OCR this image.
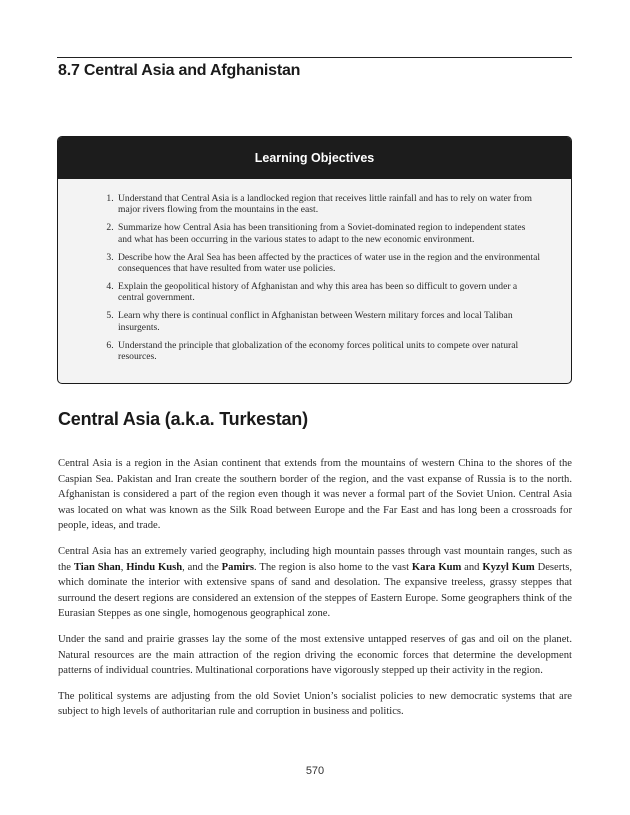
8.7 Central Asia and Afghanistan
Learning Objectives
1. Understand that Central Asia is a landlocked region that receives little rainfall and has to rely on water from major rivers flowing from the mountains in the east.
2. Summarize how Central Asia has been transitioning from a Soviet-dominated region to independent states and what has been occurring in the various states to adapt to the new economic environment.
3. Describe how the Aral Sea has been affected by the practices of water use in the region and the environmental consequences that have resulted from water use policies.
4. Explain the geopolitical history of Afghanistan and why this area has been so difficult to govern under a central government.
5. Learn why there is continual conflict in Afghanistan between Western military forces and local Taliban insurgents.
6. Understand the principle that globalization of the economy forces political units to compete over natural resources.
Central Asia (a.k.a. Turkestan)

Central Asia is a region in the Asian continent that extends from the mountains of western China to the shores of the Caspian Sea. Pakistan and Iran create the southern border of the region, and the vast expanse of Russia is to the north. Afghanistan is considered a part of the region even though it was never a formal part of the Soviet Union. Central Asia was located on what was known as the Silk Road between Europe and the Far East and has long been a crossroads for people, ideas, and trade.

Central Asia has an extremely varied geography, including high mountain passes through vast mountain ranges, such as the Tian Shan, Hindu Kush, and the Pamirs. The region is also home to the vast Kara Kum and Kyzyl Kum Deserts, which dominate the interior with extensive spans of sand and desolation. The expansive treeless, grassy steppes that surround the desert regions are considered an extension of the steppes of Eastern Europe. Some geographers think of the Eurasian Steppes as one single, homogenous geographical zone.

Under the sand and prairie grasses lay the some of the most extensive untapped reserves of gas and oil on the planet. Natural resources are the main attraction of the region driving the economic forces that determine the development patterns of individual countries. Multinational corporations have vigorously stepped up their activity in the region.

The political systems are adjusting from the old Soviet Union’s socialist policies to new democratic systems that are subject to high levels of authoritarian rule and corruption in business and politics.

570
